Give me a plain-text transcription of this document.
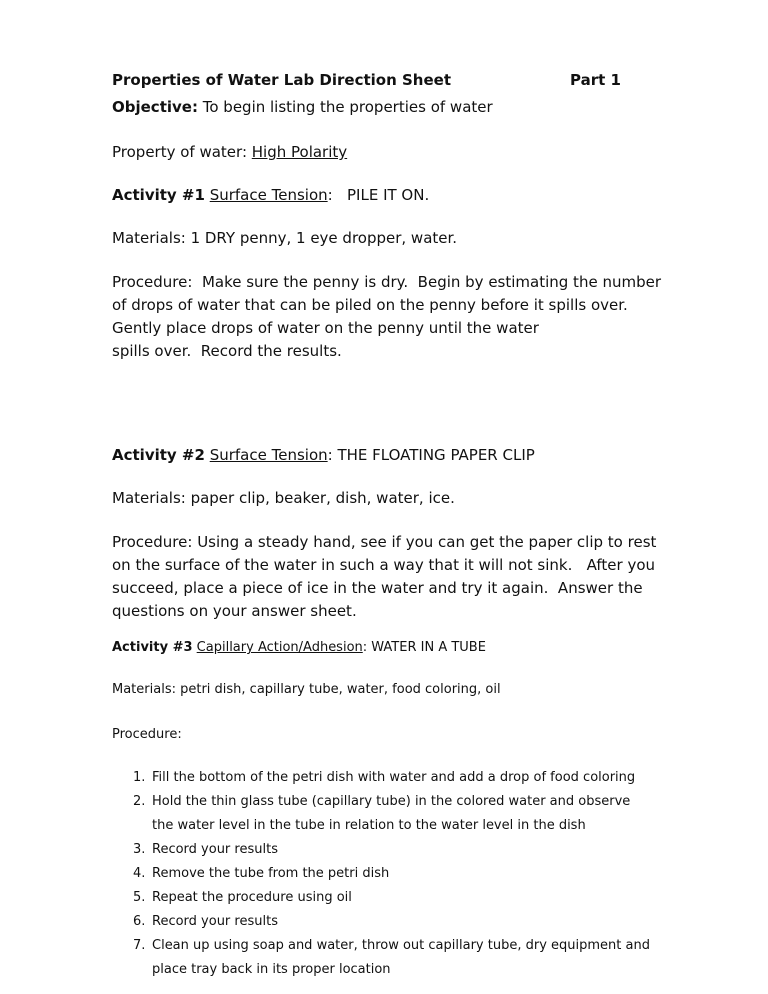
Properties of Water Lab Direction Sheet	Part 1
Objective: To begin listing the properties of water
Property of water: High Polarity
Activity #1 Surface Tension:   PILE IT ON.
Materials: 1 DRY penny, 1 eye dropper, water.
Procedure:  Make sure the penny is dry.  Begin by estimating the number
of drops of water that can be piled on the penny before it spills over.
Gently place drops of water on the penny until the water
spills over.  Record the results.
Activity #2 Surface Tension: THE FLOATING PAPER CLIP
Materials: paper clip, beaker, dish, water, ice.
Procedure: Using a steady hand, see if you can get the paper clip to rest
on the surface of the water in such a way that it will not sink.   After you
succeed, place a piece of ice in the water and try it again.  Answer the
questions on your answer sheet.
Activity #3 Capillary Action/Adhesion: WATER IN A TUBE
Materials: petri dish, capillary tube, water, food coloring, oil
Procedure:
1. Fill the bottom of the petri dish with water and add a drop of food coloring
2. Hold the thin glass tube (capillary tube) in the colored water and observe
the water level in the tube in relation to the water level in the dish
3. Record your results
4. Remove the tube from the petri dish
5. Repeat the procedure using oil
6. Record your results
7. Clean up using soap and water, throw out capillary tube, dry equipment and
place tray back in its proper location
